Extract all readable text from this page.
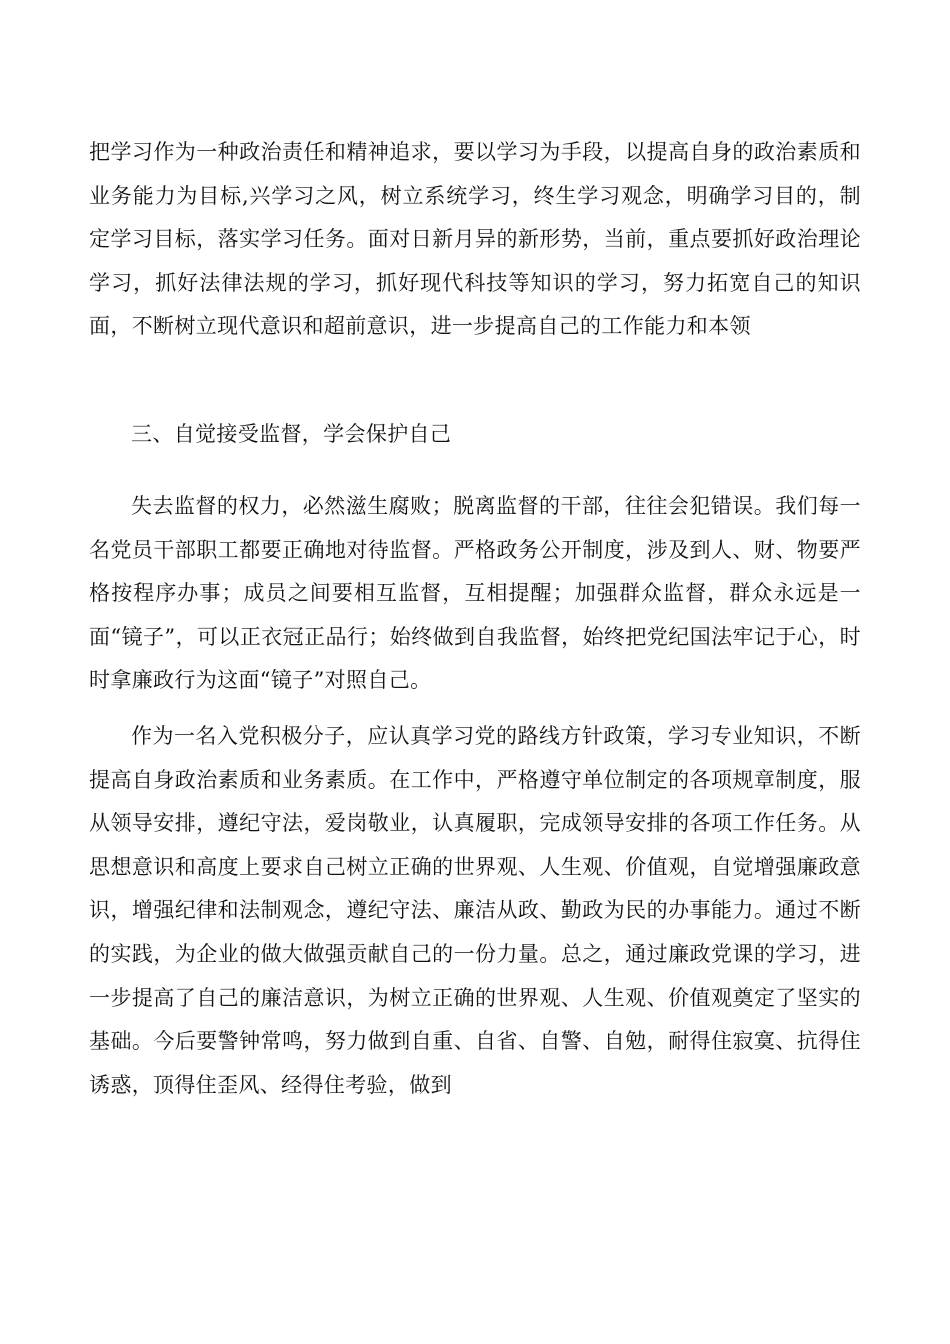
把学习作为一种政治责任和精神追求，要以学习为手段，以提高自身的政治素质和业务能力为目标,兴学习之风，树立系统学习，终生学习观念，明确学习目的，制定学习目标，落实学习任务。面对日新月异的新形势，当前，重点要抓好政治理论学习，抓好法律法规的学习，抓好现代科技等知识的学习，努力拓宽自己的知识面，不断树立现代意识和超前意识，进一步提高自己的工作能力和本领

三、自觉接受监督，学会保护自己

失去监督的权力，必然滋生腐败；脱离监督的干部，往往会犯错误。我们每一名党员干部职工都要正确地对待监督。严格政务公开制度，涉及到人、财、物要严格按程序办事；成员之间要相互监督，互相提醒；加强群众监督，群众永远是一面“镜子”，可以正衣冠正品行；始终做到自我监督，始终把党纪国法牢记于心，时时拿廉政行为这面“镜子”对照自己。

作为一名入党积极分子，应认真学习党的路线方针政策，学习专业知识，不断提高自身政治素质和业务素质。在工作中，严格遵守单位制定的各项规章制度，服从领导安排，遵纪守法，爱岗敬业，认真履职，完成领导安排的各项工作任务。从思想意识和高度上要求自己树立正确的世界观、人生观、价值观，自觉增强廉政意识，增强纪律和法制观念，遵纪守法、廉洁从政、勤政为民的办事能力。通过不断的实践，为企业的做大做强贡献自己的一份力量。总之，通过廉政党课的学习，进一步提高了自己的廉洁意识，为树立正确的世界观、人生观、价值观奠定了坚实的基础。今后要警钟常鸣，努力做到自重、自省、自警、自勉，耐得住寂寞、抗得住诱惑，顶得住歪风、经得住考验，做到
